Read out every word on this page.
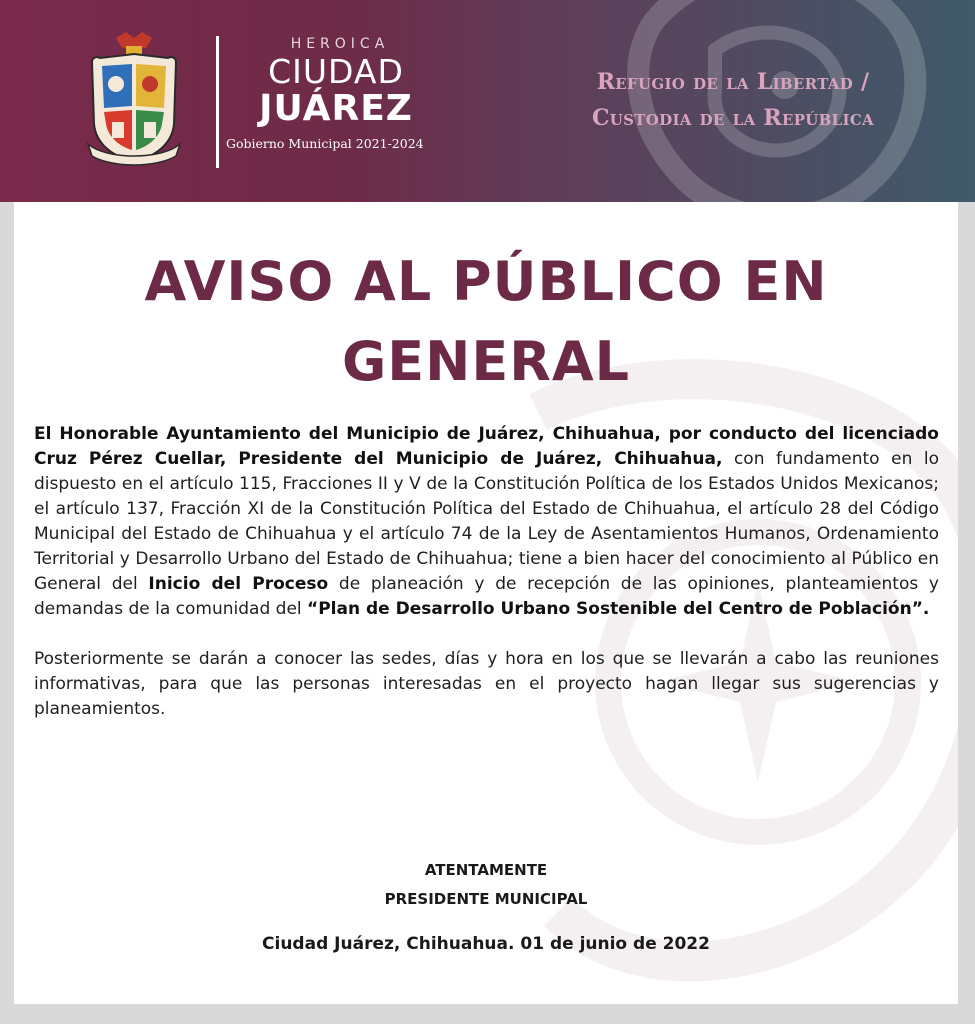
HEROICA
CIUDAD
JUÁREZ
Gobierno Municipal 2021-2024
Refugio de la Libertad /
Custodia de la República
AVISO AL PÚBLICO EN
GENERAL

El Honorable Ayuntamiento del Municipio de Juárez, Chihuahua, por conducto del licenciado Cruz Pérez Cuellar, Presidente del Municipio de Juárez, Chihuahua, con fundamento en lo dispuesto en el artículo 115, Fracciones II y V de la Constitución Política de los Estados Unidos Mexicanos; el artículo 137, Fracción XI de la Constitución Política del Estado de Chihuahua, el artículo 28 del Código Municipal del Estado de Chihuahua y el artículo 74 de la Ley de Asentamientos Humanos, Ordenamiento Territorial y Desarrollo Urbano del Estado de Chihuahua; tiene a bien hacer del conocimiento al Público en General del Inicio del Proceso de planeación y de recepción de las opiniones, planteamientos y demandas de la comunidad del “Plan de Desarrollo Urbano Sostenible del Centro de Población”.

Posteriormente se darán a conocer las sedes, días y hora en los que se llevarán a cabo las reuniones informativas, para que las personas interesadas en el proyecto hagan llegar sus sugerencias y planeamientos.

ATENTAMENTE
PRESIDENTE MUNICIPAL
Ciudad Juárez, Chihuahua. 01 de junio de 2022
